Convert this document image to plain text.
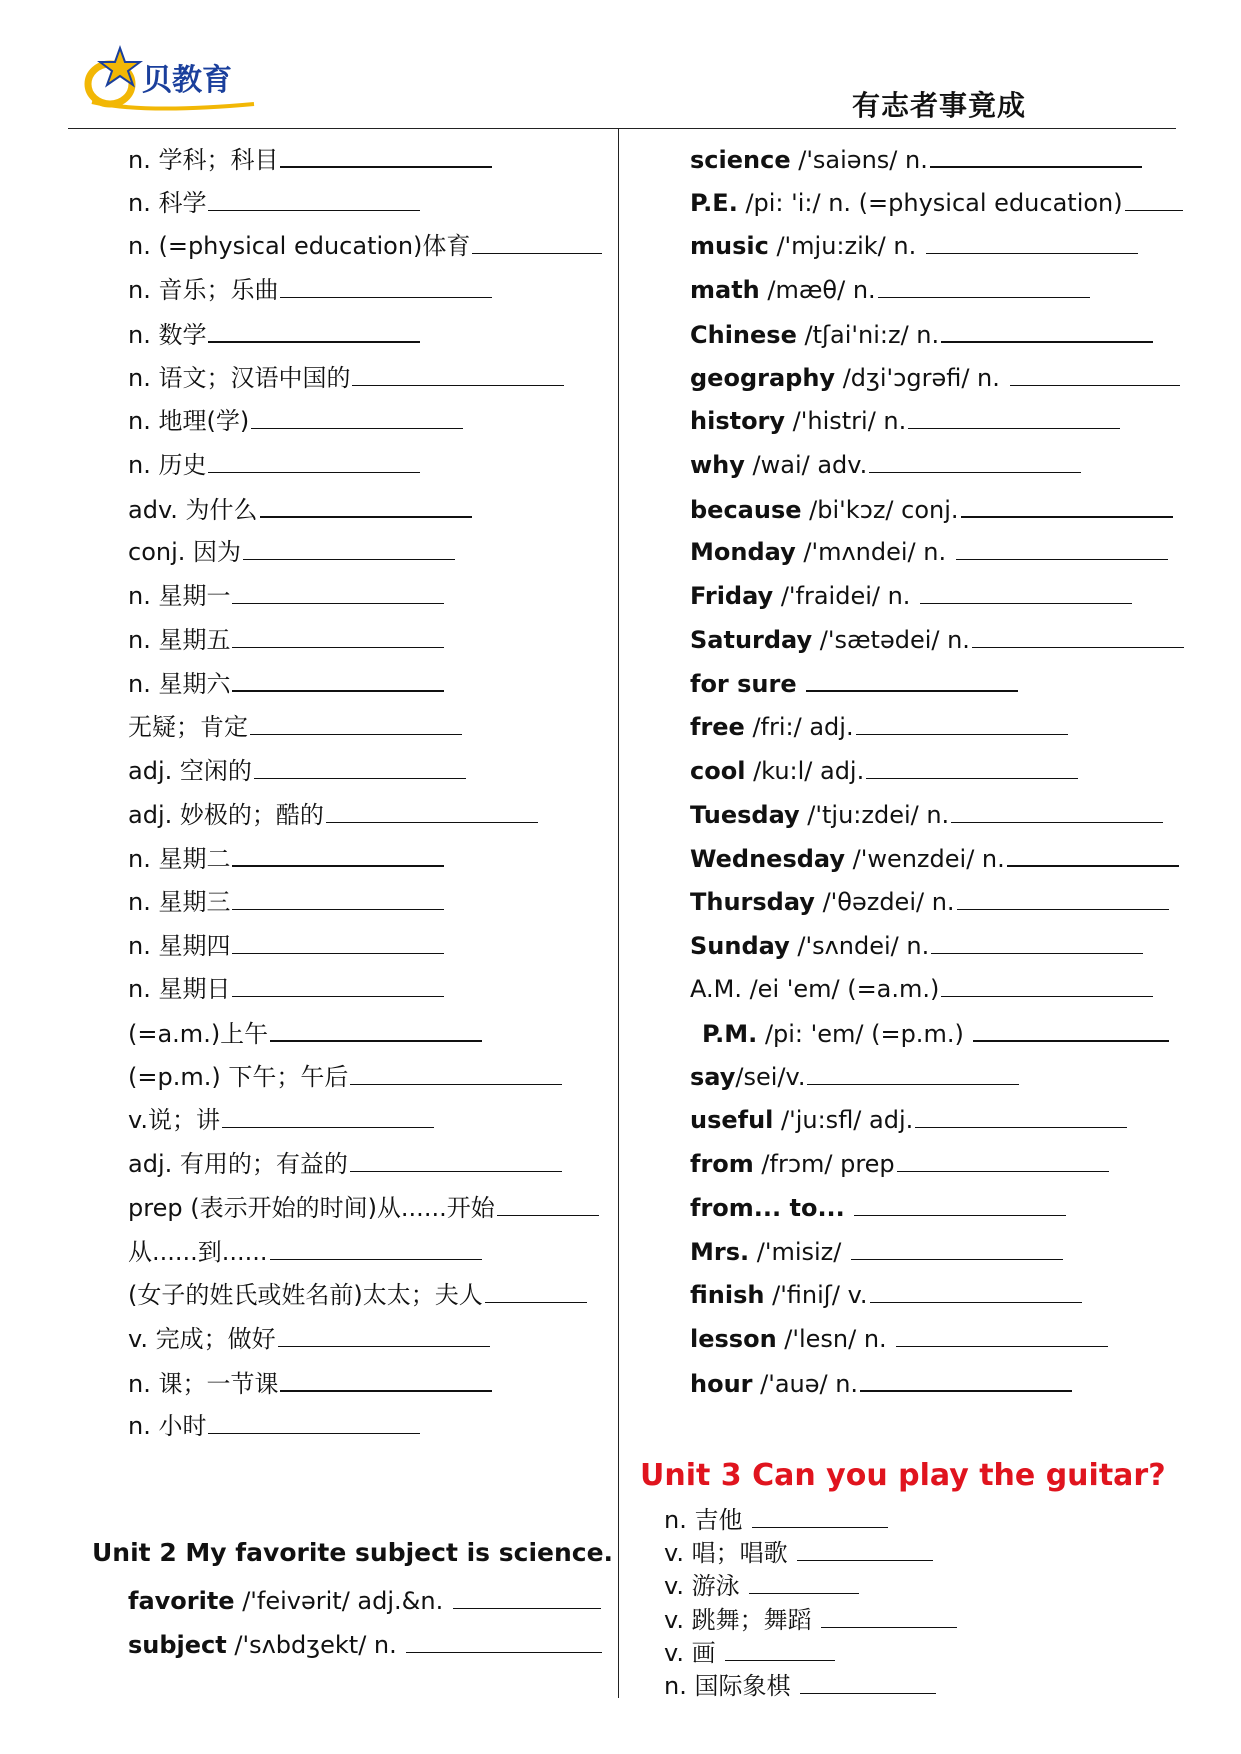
贝教育
有志者事竟成
n. 学科；科目
n. 科学
n. (=physical education)体育
n. 音乐；乐曲
n. 数学
n. 语文；汉语中国的
n. 地理(学)
n. 历史
adv. 为什么
conj. 因为
n. 星期一
n. 星期五
n. 星期六
无疑；肯定
adj. 空闲的
adj. 妙极的；酷的
n. 星期二
n. 星期三
n. 星期四
n. 星期日
(=a.m.)上午
(=p.m.) 下午；午后
v.说；讲
adj. 有用的；有益的
prep (表示开始的时间)从......开始
从......到......
(女子的姓氏或姓名前)太太；夫人
v. 完成；做好
n. 课；一节课
n. 小时
science /'saiəns/ n.
P.E. /pi: 'i:/ n. (=physical education)
music /'mju:zik/ n.
math /mæθ/ n.
Chinese /tʃai'ni:z/ n.
geography /dʒi'ɔgrəfi/ n.
history /'histri/ n.
why /wai/ adv.
because /bi'kɔz/ conj.
Monday /'mʌndei/ n.
Friday /'fraidei/ n.
Saturday /'sætədei/ n.
for sure
free /fri:/ adj.
cool /ku:l/ adj.
Tuesday /'tju:zdei/ n.
Wednesday /'wenzdei/ n.
Thursday /'θəzdei/ n.
Sunday /'sʌndei/ n.
A.M. /ei 'em/ (=a.m.)
P.M. /pi: 'em/ (=p.m.)
say/sei/v.
useful /'ju:sfl/ adj.
from /frɔm/ prep
from... to...
Mrs. /'misiz/
finish /'finiʃ/ v.
lesson /'lesn/ n.
hour /'auə/ n.
Unit 2 My favorite subject is science.
favorite /'feivərit/ adj.&n.
subject /'sʌbdʒekt/ n.
Unit 3 Can you play the guitar?
n. 吉他
v. 唱；唱歌
v. 游泳
v. 跳舞；舞蹈
v. 画
n. 国际象棋
